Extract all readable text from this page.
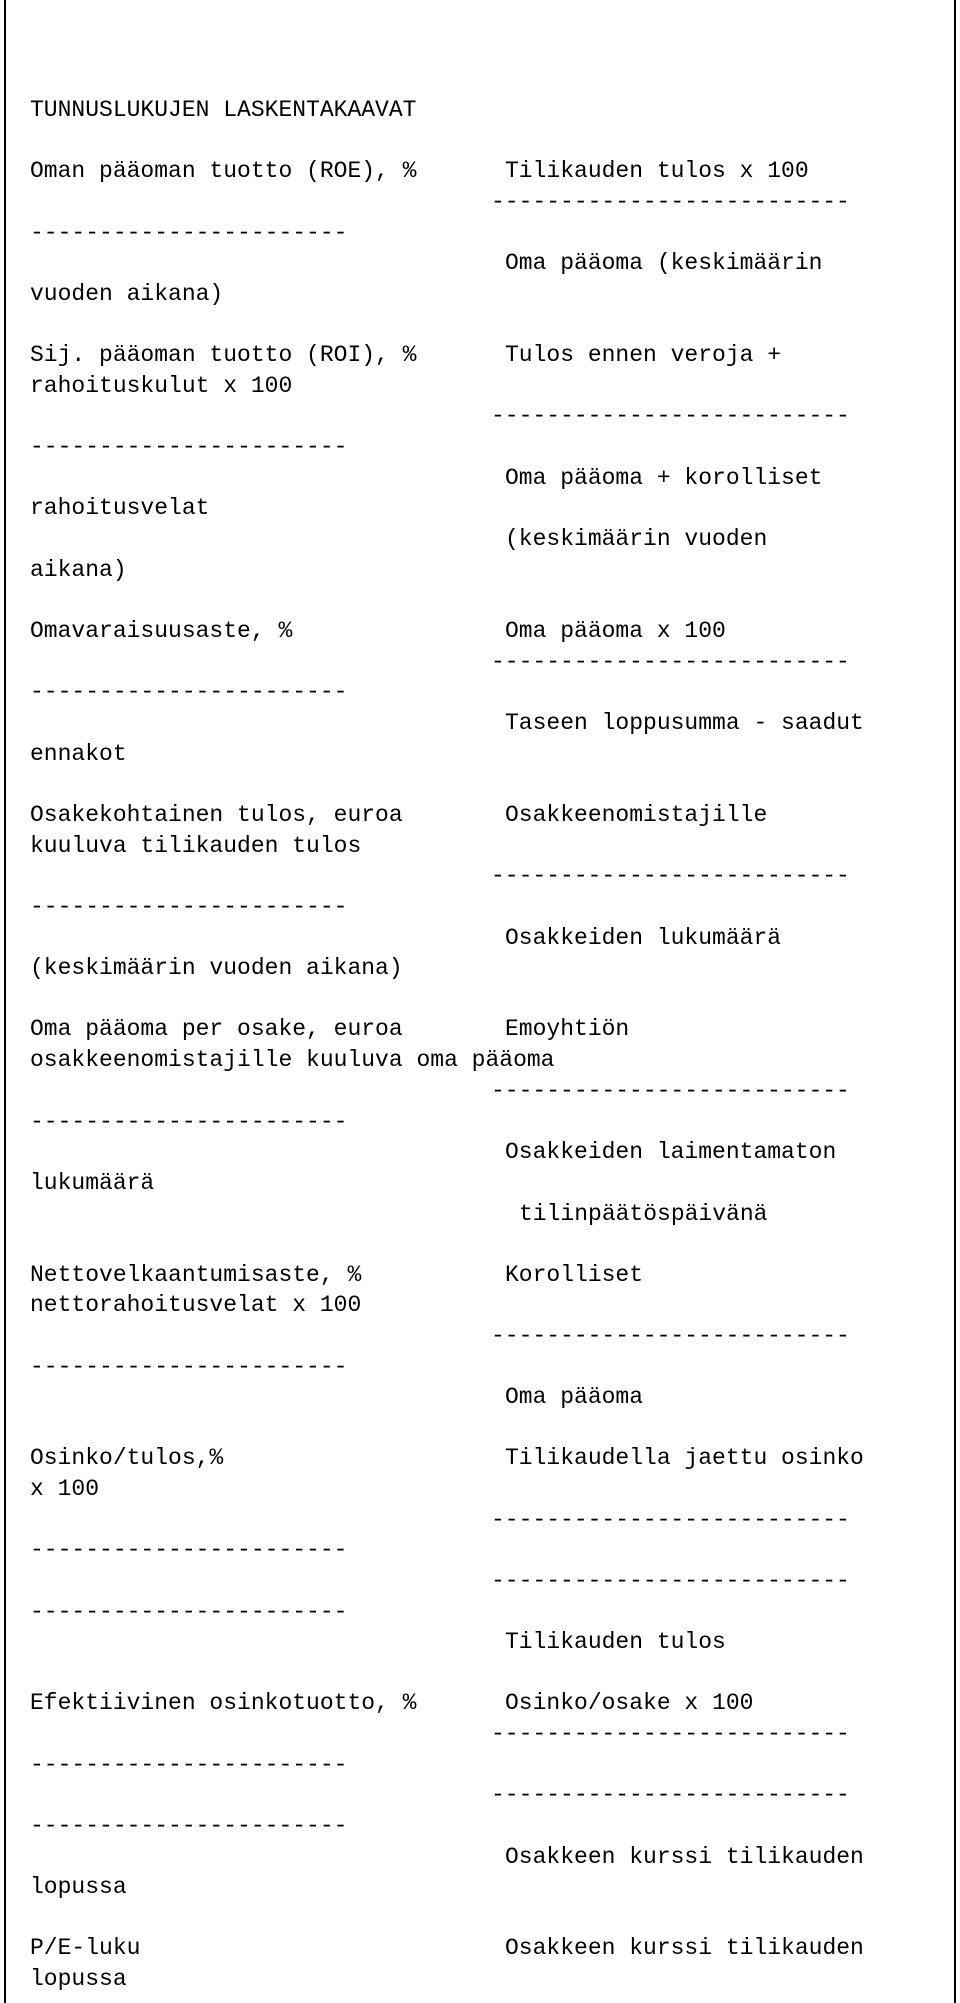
TUNNUSLUKUJEN LASKENTAKAAVAT
Oman pääoman tuotto (ROE), %	Tilikauden tulos x 100
--------------------------
-----------------------
Oma pääoma (keskimäärin
vuoden aikana)
Sij. pääoman tuotto (ROI), %	Tulos ennen veroja +
rahoituskulut x 100
--------------------------
-----------------------
Oma pääoma + korolliset
rahoitusvelat
(keskimäärin vuoden
aikana)
Omavaraisuusaste, %	Oma pääoma x 100
--------------------------
-----------------------
Taseen loppusumma - saadut
ennakot
Osakekohtainen tulos, euroa	Osakkeenomistajille
kuuluva tilikauden tulos
--------------------------
-----------------------
Osakkeiden lukumäärä
(keskimäärin vuoden aikana)
Oma pääoma per osake, euroa	Emoyhtiön
osakkeenomistajille kuuluva oma pääoma
--------------------------
-----------------------
Osakkeiden laimentamaton
lukumäärä
tilinpäätöspäivänä
Nettovelkaantumisaste, %	Korolliset
nettorahoitusvelat x 100
--------------------------
-----------------------
Oma pääoma
Osinko/tulos,%	Tilikaudella jaettu osinko
x 100
--------------------------
-----------------------
--------------------------
-----------------------
Tilikauden tulos
Efektiivinen osinkotuotto, %	Osinko/osake x 100
--------------------------
-----------------------
--------------------------
-----------------------
Osakkeen kurssi tilikauden
lopussa
P/E-luku	Osakkeen kurssi tilikauden
lopussa
